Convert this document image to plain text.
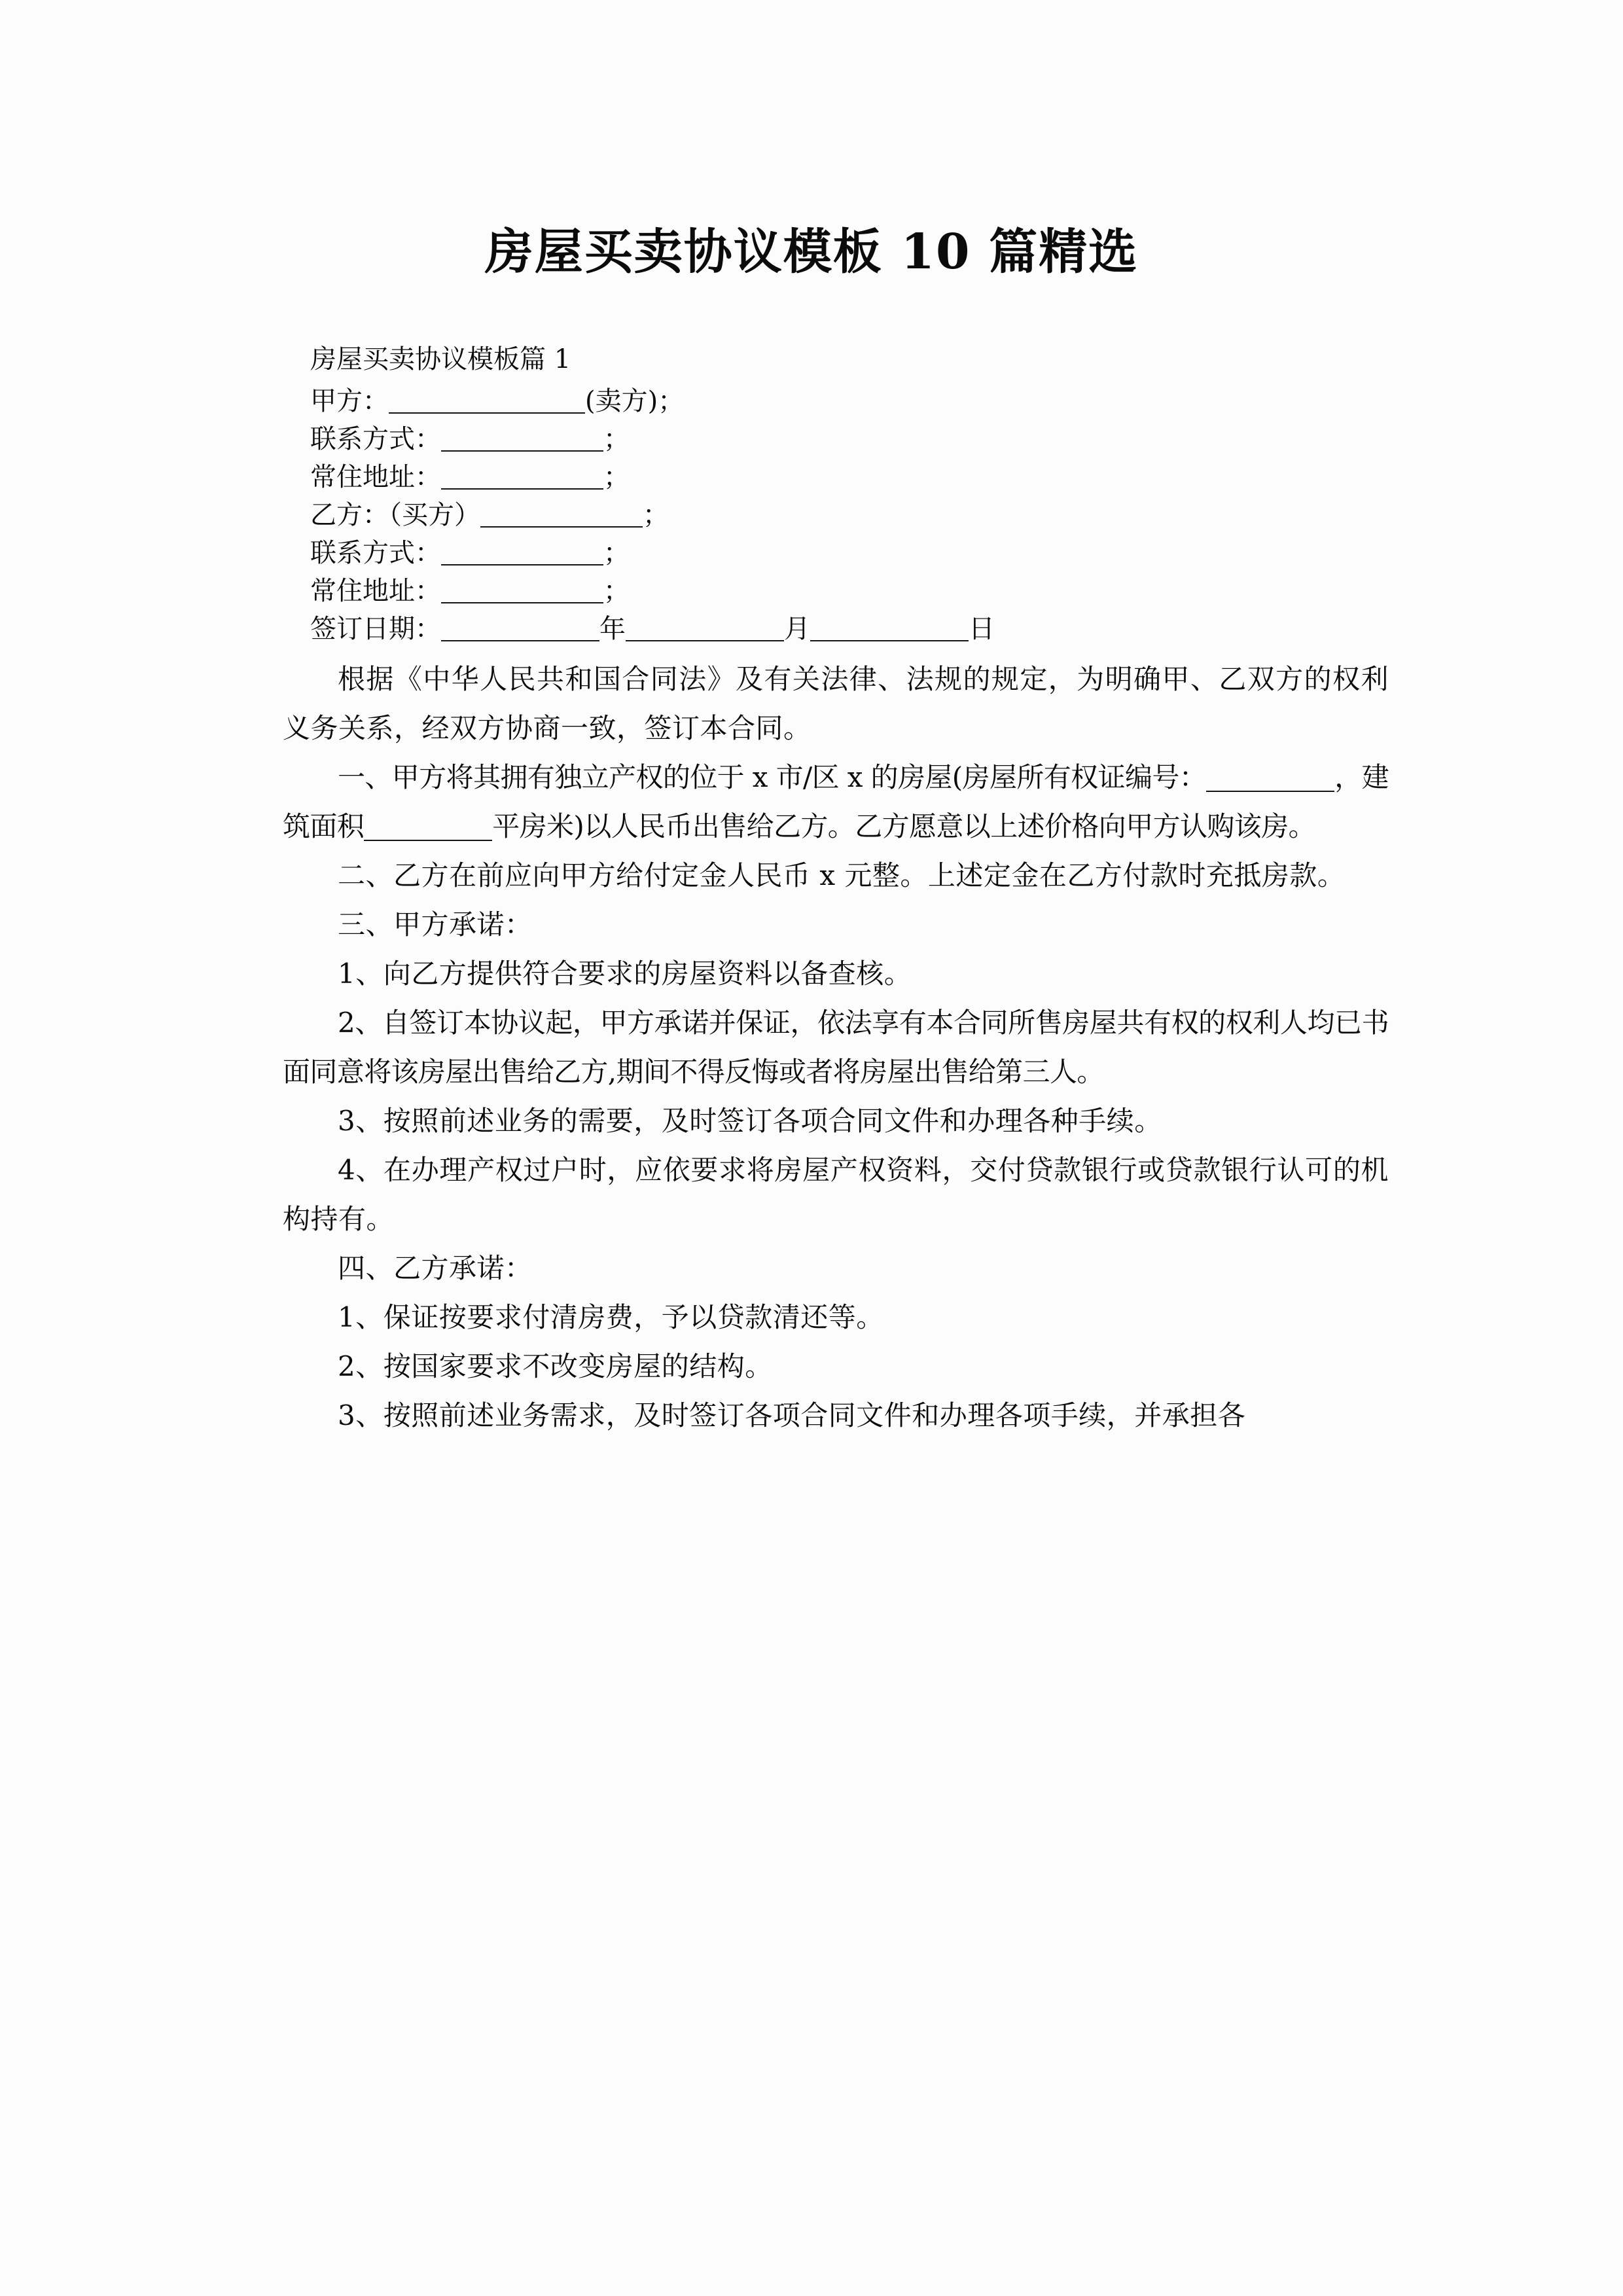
房屋买卖协议模板 10 篇精选

房屋买卖协议模板篇 1

甲方：	(卖方)；

联系方式：	；

常住地址：	；

乙方：（买方）	；

联系方式：	；

常住地址：	；

签订日期：	年	月	日

根据《中华人民共和国合同法》及有关法律、法规的规定，为明确甲、乙双方的权利义务关系，经双方协商一致，签订本合同。

一、甲方将其拥有独立产权的位于 x 市/区 x 的房屋(房屋所有权证编号：	，建筑面积	平房米)以人民币出售给乙方。乙方愿意以上述价格向甲方认购该房。

二、乙方在前应向甲方给付定金人民币 x 元整。上述定金在乙方付款时充抵房款。

三、甲方承诺：

1、向乙方提供符合要求的房屋资料以备查核。

2、自签订本协议起，甲方承诺并保证，依法享有本合同所售房屋共有权的权利人均已书面同意将该房屋出售给乙方,期间不得反悔或者将房屋出售给第三人。

3、按照前述业务的需要，及时签订各项合同文件和办理各种手续。

4、在办理产权过户时，应依要求将房屋产权资料，交付贷款银行或贷款银行认可的机构持有。

四、乙方承诺：

1、保证按要求付清房费，予以贷款清还等。

2、按国家要求不改变房屋的结构。

3、按照前述业务需求，及时签订各项合同文件和办理各项手续，并承担各
